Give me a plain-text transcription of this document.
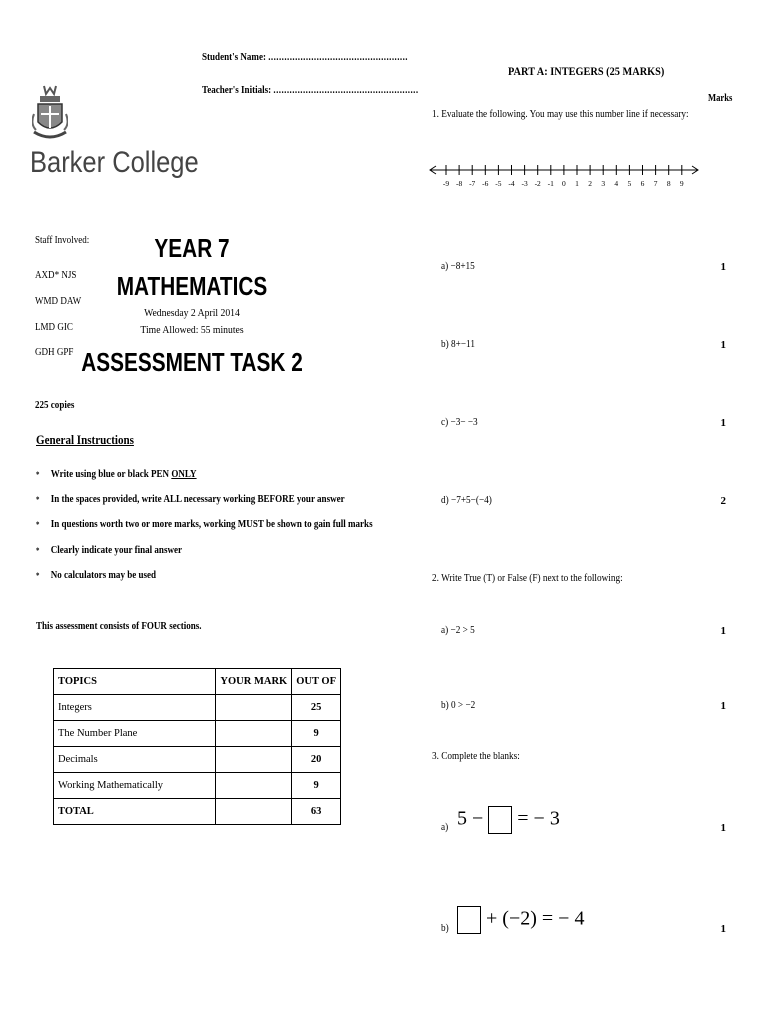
Student's Name: ....................................................
Teacher's Initials: ......................................................
Barker College
Staff Involved:
AXD* NJS
WMD DAW
LMD GIC
GDH GPF
YEAR 7
MATHEMATICS
Wednesday 2 April 2014
Time Allowed: 55 minutes
ASSESSMENT TASK 2
225 copies
General Instructions
* Write using blue or black PEN ONLY
* In the spaces provided, write ALL necessary working BEFORE your answer
* In questions worth two or more marks, working MUST be shown to gain full marks
* Clearly indicate your final answer
* No calculators may be used
This assessment consists of FOUR sections.
TOPICS	YOUR MARK	OUT OF
Integers		25
The Number Plane		9
Decimals		20
Working Mathematically		9
TOTAL		63
PART A: INTEGERS (25 MARKS)
Marks
1. Evaluate the following. You may use this number line if necessary:
-9 -8 -7 -6 -5 -4 -3 -2 -1 0 1 2 3 4 5 6 7 8 9
a) −8+15	1
b) 8+−11	1
c) −3− −3	1
d) −7+5−(−4)	2
2. Write True (T) or False (F) next to the following:
a) −2 > 5	1
b) 0 > −2	1
3. Complete the blanks:
a) 5 − = − 3	1
b)	+ (−2) = − 4	1
